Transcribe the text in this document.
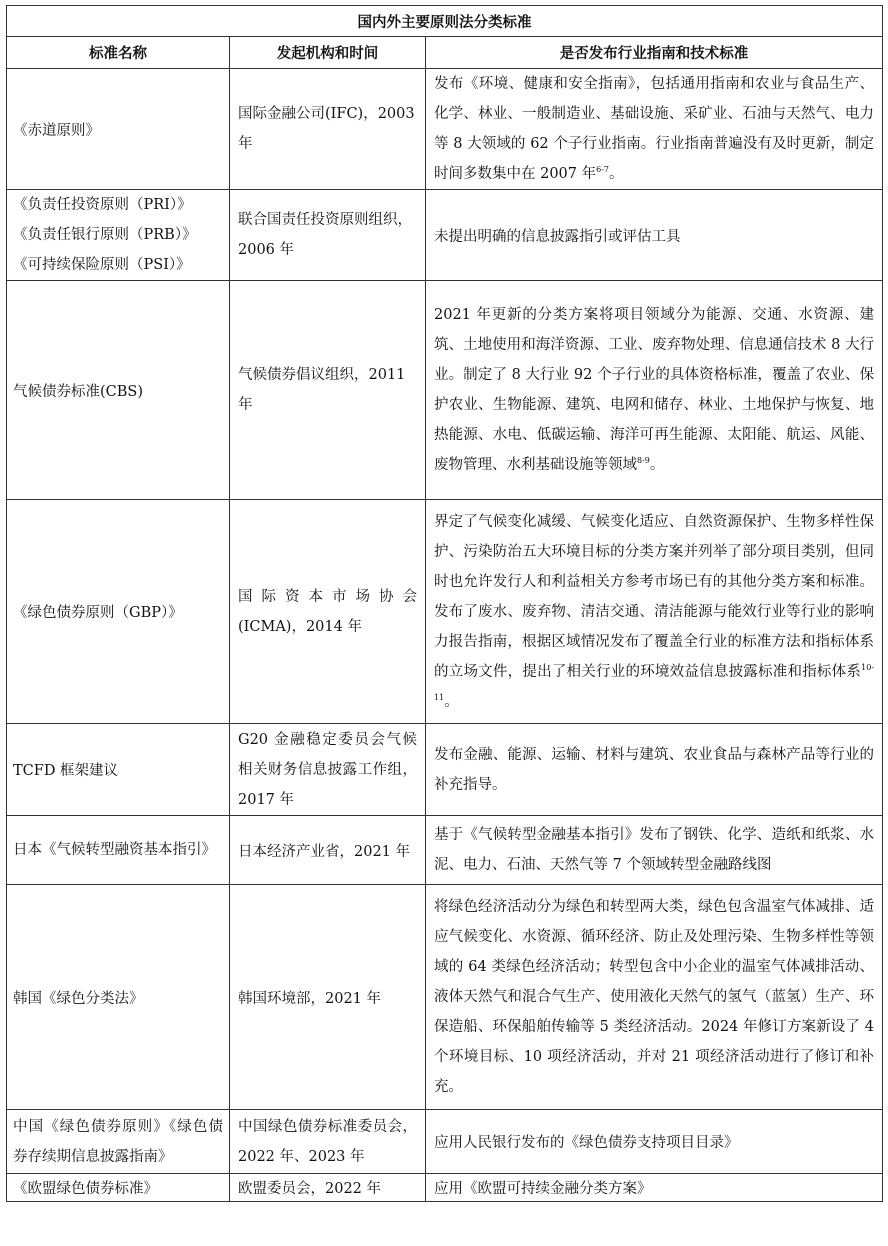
国内外主要原则法分类标准		
标准名称	发起机构和时间	是否发布行业指南和技术标准
《赤道原则》	国际金融公司(IFC)，2003年	发布《环境、健康和安全指南》，包括通用指南和农业与食品生产、化学、林业、一般制造业、基础设施、采矿业、石油与天然气、电力等 8 大领域的 62 个子行业指南。行业指南普遍没有及时更新，制定时间多数集中在 2007 年$^{6-7}$。

《负责任投资原则（PRI）》
《负责任银行原则（PRB）》
《可持续保险原则（PSI）》	联合国责任投资原则组织，2006 年	未提出明确的信息披露指引或评估工具
气候债券标准(CBS)	气候债券倡议组织，2011年	2021 年更新的分类方案将项目领域分为能源、交通、水资源、建筑、土地使用和海洋资源、工业、废弃物处理、信息通信技术 8 大行业。制定了 8 大行业 92 个子行业的具体资格标准，覆盖了农业、保护农业、生物能源、建筑、电网和储存、林业、土地保护与恢复、地热能源、水电、低碳运输、海洋可再生能源、太阳能、航运、风能、废物管理、水利基础设施等领域$^{8-9}$。
《绿色债券原则（GBP）》	国际资本市场协会(ICMA)，2014 年	界定了气候变化减缓、气候变化适应、自然资源保护、生物多样性保护、污染防治五大环境目标的分类方案并列举了部分项目类别，但同时也允许发行人和利益相关方参考市场已有的其他分类方案和标准。发布了废水、废弃物、清洁交通、清洁能源与能效行业等行业的影响力报告指南，根据区域情况发布了覆盖全行业的标准方法和指标体系的立场文件，提出了相关行业的环境效益信息披露标准和指标体系$^{10-11}$。
TCFD 框架建议	G20 金融稳定委员会气候相关财务信息披露工作组，2017 年	发布金融、能源、运输、材料与建筑、农业食品与森林产品等行业的补充指导。
日本《气候转型融资基本指引》	日本经济产业省，2021 年	基于《气候转型金融基本指引》发布了钢铁、化学、造纸和纸浆、水泥、电力、石油、天然气等 7 个领域转型金融路线图
韩国《绿色分类法》	韩国环境部，2021 年	将绿色经济活动分为绿色和转型两大类，绿色包含温室气体减排、适应气候变化、水资源、循环经济、防止及处理污染、生物多样性等领域的 64 类绿色经济活动；转型包含中小企业的温室气体减排活动、液体天然气和混合气生产、使用液化天然气的氢气（蓝氢）生产、环保造船、环保船舶传输等 5 类经济活动。2024 年修订方案新设了 4 个环境目标、10 项经济活动，并对 21 项经济活动进行了修订和补充。
中国《绿色债券原则》《绿色债券存续期信息披露指南》	中国绿色债券标准委员会，2022 年、2023 年	应用人民银行发布的《绿色债券支持项目目录》
《欧盟绿色债券标准》	欧盟委员会，2022 年	应用《欧盟可持续金融分类方案》
